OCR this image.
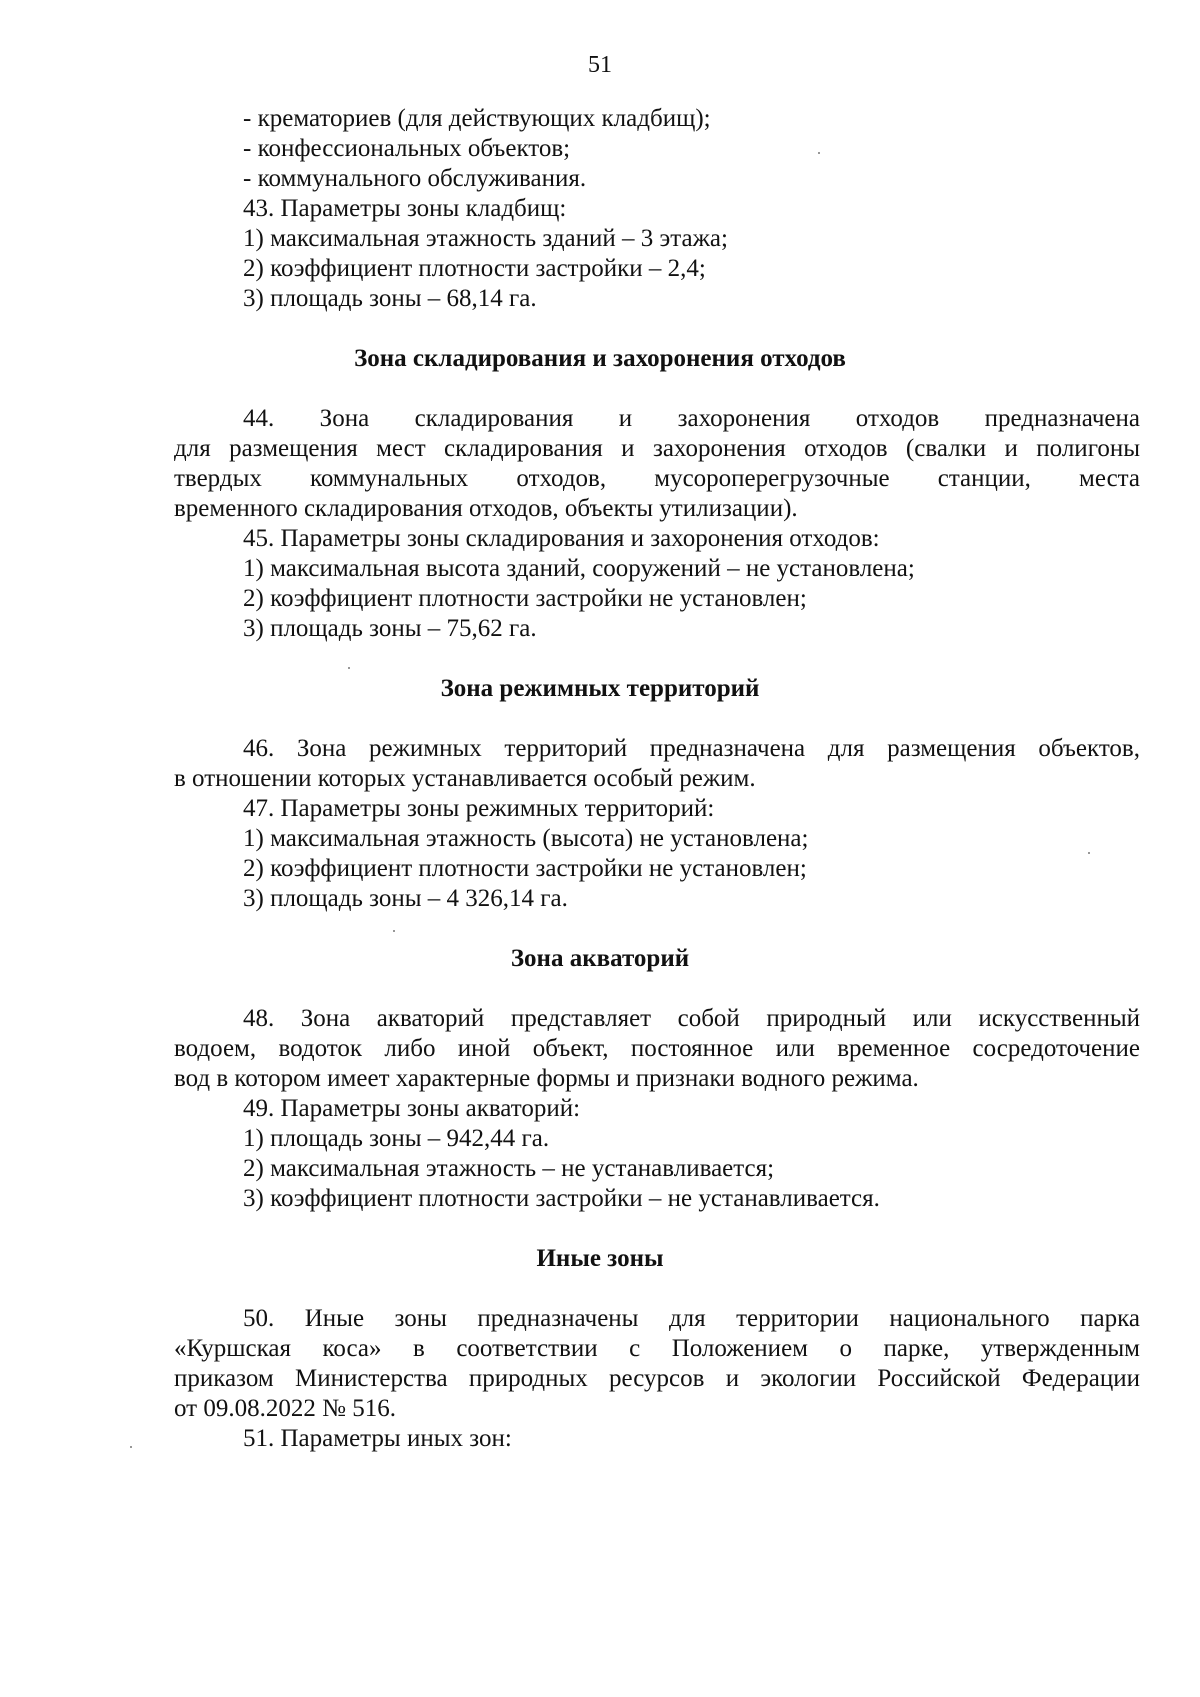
51
- крематориев (для действующих кладбищ);
- конфессиональных объектов;
- коммунального обслуживания.
43. Параметры зоны кладбищ:
1) максимальная этажность зданий – 3 этажа;
2) коэффициент плотности застройки – 2,4;
3) площадь зоны – 68,14 га.
Зона складирования и захоронения отходов
44. Зона складирования и захоронения отходов предназначена
для размещения мест складирования и захоронения отходов (свалки и полигоны
твердых коммунальных отходов, мусороперегрузочные станции, места
временного складирования отходов, объекты утилизации).
45. Параметры зоны складирования и захоронения отходов:
1) максимальная высота зданий, сооружений – не установлена;
2) коэффициент плотности застройки не установлен;
3) площадь зоны – 75,62 га.
Зона режимных территорий
46. Зона режимных территорий предназначена для размещения объектов,
в отношении которых устанавливается особый режим.
47. Параметры зоны режимных территорий:
1) максимальная этажность (высота) не установлена;
2) коэффициент плотности застройки не установлен;
3) площадь зоны – 4 326,14 га.
Зона акваторий
48. Зона акваторий представляет собой природный или искусственный
водоем, водоток либо иной объект, постоянное или временное сосредоточение
вод в котором имеет характерные формы и признаки водного режима.
49. Параметры зоны акваторий:
1) площадь зоны – 942,44 га.
2) максимальная этажность – не устанавливается;
3) коэффициент плотности застройки – не устанавливается.
Иные зоны
50. Иные зоны предназначены для территории национального парка
«Куршская коса» в соответствии с Положением о парке, утвержденным
приказом Министерства природных ресурсов и экологии Российской Федерации
от 09.08.2022 № 516.
51. Параметры иных зон:
